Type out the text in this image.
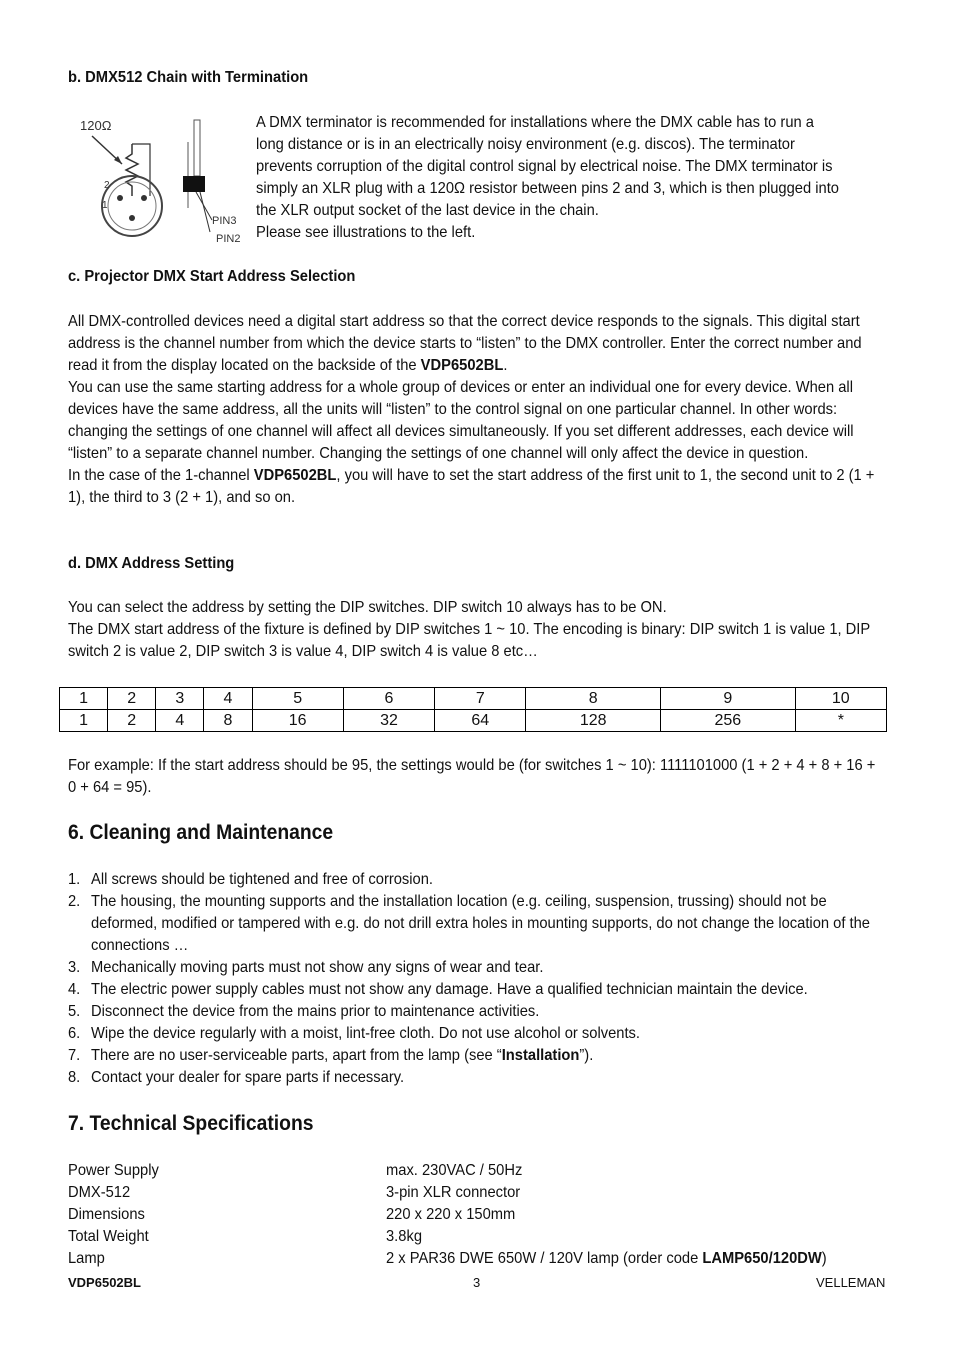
b. DMX512 Chain with Termination
120Ω
2
1
PIN3
PIN2
A DMX terminator is recommended for installations where the DMX cable has to run a
long distance or is in an electrically noisy environment (e.g. discos). The terminator
prevents corruption of the digital control signal by electrical noise. The DMX terminator is
simply an XLR plug with a 120Ω resistor between pins 2 and 3, which is then plugged into
the XLR output socket of the last device in the chain.
Please see illustrations to the left.
c. Projector DMX Start Address Selection
All DMX-controlled devices need a digital start address so that the correct device responds to the signals. This digital start address is the channel number from which the device starts to “listen” to the DMX controller. Enter the correct number and read it from the display located on the backside of the VDP6502BL.
You can use the same starting address for a whole group of devices or enter an individual one for every device. When all devices have the same address, all the units will “listen” to the control signal on one particular channel. In other words: changing the settings of one channel will affect all devices simultaneously. If you set different addresses, each device will “listen” to a separate channel number. Changing the settings of one channel will only affect the device in question.
In the case of the 1-channel VDP6502BL, you will have to set the start address of the first unit to 1, the second unit to 2 (1 + 1), the third to 3 (2 + 1), and so on.
d. DMX Address Setting
You can select the address by setting the DIP switches. DIP switch 10 always has to be ON.
The DMX start address of the fixture is defined by DIP switches 1 ~ 10. The encoding is binary: DIP switch 1 is value 1, DIP switch 2 is value 2, DIP switch 3 is value 4, DIP switch 4 is value 8 etc…
1	2	3	4	5	6	7	8	9	10
1	2	4	8	16	32	64	128	256	*
For example: If the start address should be 95, the settings would be (for switches 1 ~ 10): 1111101000 (1 + 2 + 4 + 8 + 16 + 0 + 64 = 95).
6. Cleaning and Maintenance
1. All screws should be tightened and free of corrosion.
2. The housing, the mounting supports and the installation location (e.g. ceiling, suspension, trussing) should not be deformed, modified or tampered with e.g. do not drill extra holes in mounting supports, do not change the location of the connections …
3. Mechanically moving parts must not show any signs of wear and tear.
4. The electric power supply cables must not show any damage. Have a qualified technician maintain the device.
5. Disconnect the device from the mains prior to maintenance activities.
6. Wipe the device regularly with a moist, lint-free cloth. Do not use alcohol or solvents.
7. There are no user-serviceable parts, apart from the lamp (see “Installation”).
8. Contact your dealer for spare parts if necessary.
7. Technical Specifications
Power Supply	max. 230VAC / 50Hz
DMX-512	3-pin XLR connector
Dimensions	220 x 220 x 150mm
Total Weight	3.8kg
Lamp	2 x PAR36 DWE 650W / 120V lamp (order code LAMP650/120DW)
VDP6502BL	3	VELLEMAN
